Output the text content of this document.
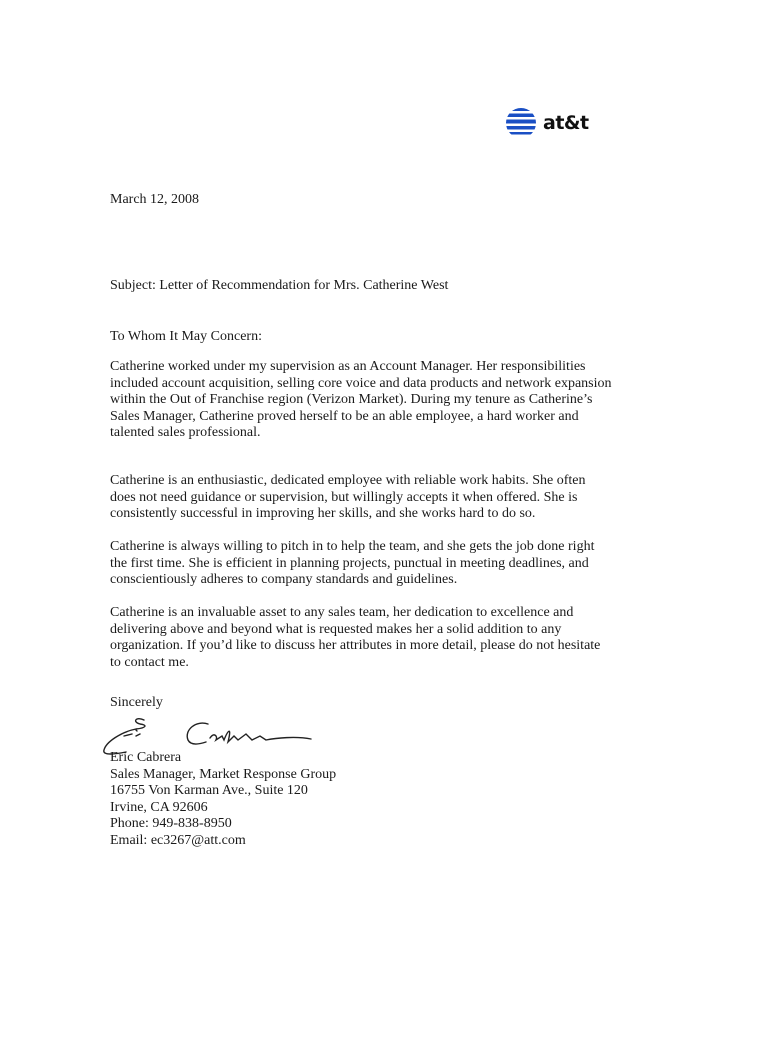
at&t
March 12, 2008
Subject: Letter of Recommendation for Mrs. Catherine West
To Whom It May Concern:
Catherine worked under my supervision as an Account Manager. Her responsibilities
included account acquisition, selling core voice and data products and network expansion
within the Out of Franchise region (Verizon Market). During my tenure as Catherine’s
Sales Manager, Catherine proved herself to be an able employee, a hard worker and
talented sales professional.
Catherine is an enthusiastic, dedicated employee with reliable work habits. She often
does not need guidance or supervision, but willingly accepts it when offered. She is
consistently successful in improving her skills, and she works hard to do so.
Catherine is always willing to pitch in to help the team, and she gets the job done right
the first time. She is efficient in planning projects, punctual in meeting deadlines, and
conscientiously adheres to company standards and guidelines.
Catherine is an invaluable asset to any sales team, her dedication to excellence and
delivering above and beyond what is requested makes her a solid addition to any
organization. If you’d like to discuss her attributes in more detail, please do not hesitate
to contact me.
Sincerely
Eric Cabrera
Sales Manager, Market Response Group
16755 Von Karman Ave., Suite 120
Irvine, CA 92606
Phone: 949-838-8950
Email: ec3267@att.com
